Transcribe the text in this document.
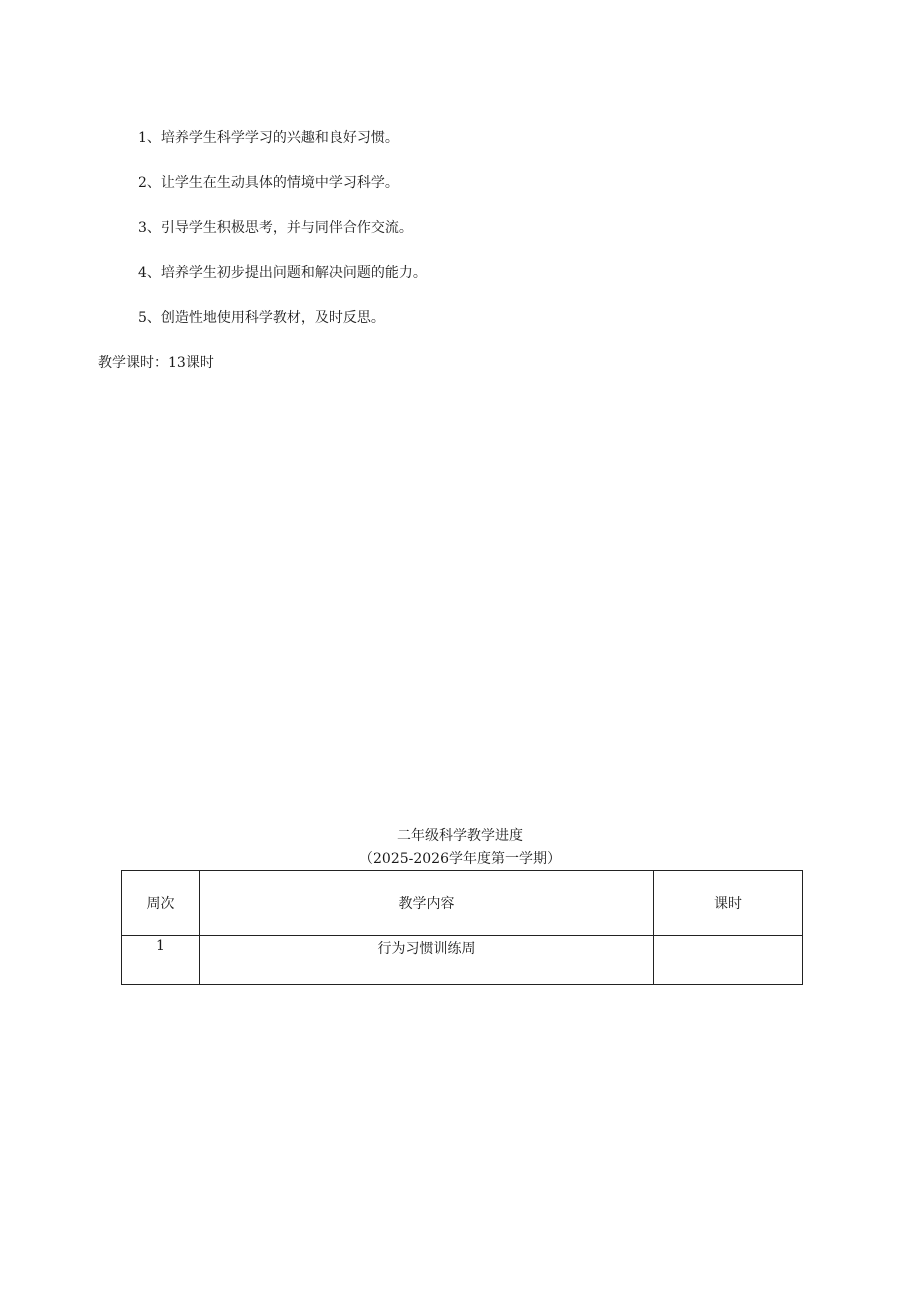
1、培养学生科学学习的兴趣和良好习惯。
2、让学生在生动具体的情境中学习科学。
3、引导学生积极思考，并与同伴合作交流。
4、培养学生初步提出问题和解决问题的能力。
5、创造性地使用科学教材，及时反思。
教学课时：13课时
二年级科学教学进度
（2025-2026学年度第一学期）
周次	教学内容	课时
1	行为习惯训练周	
